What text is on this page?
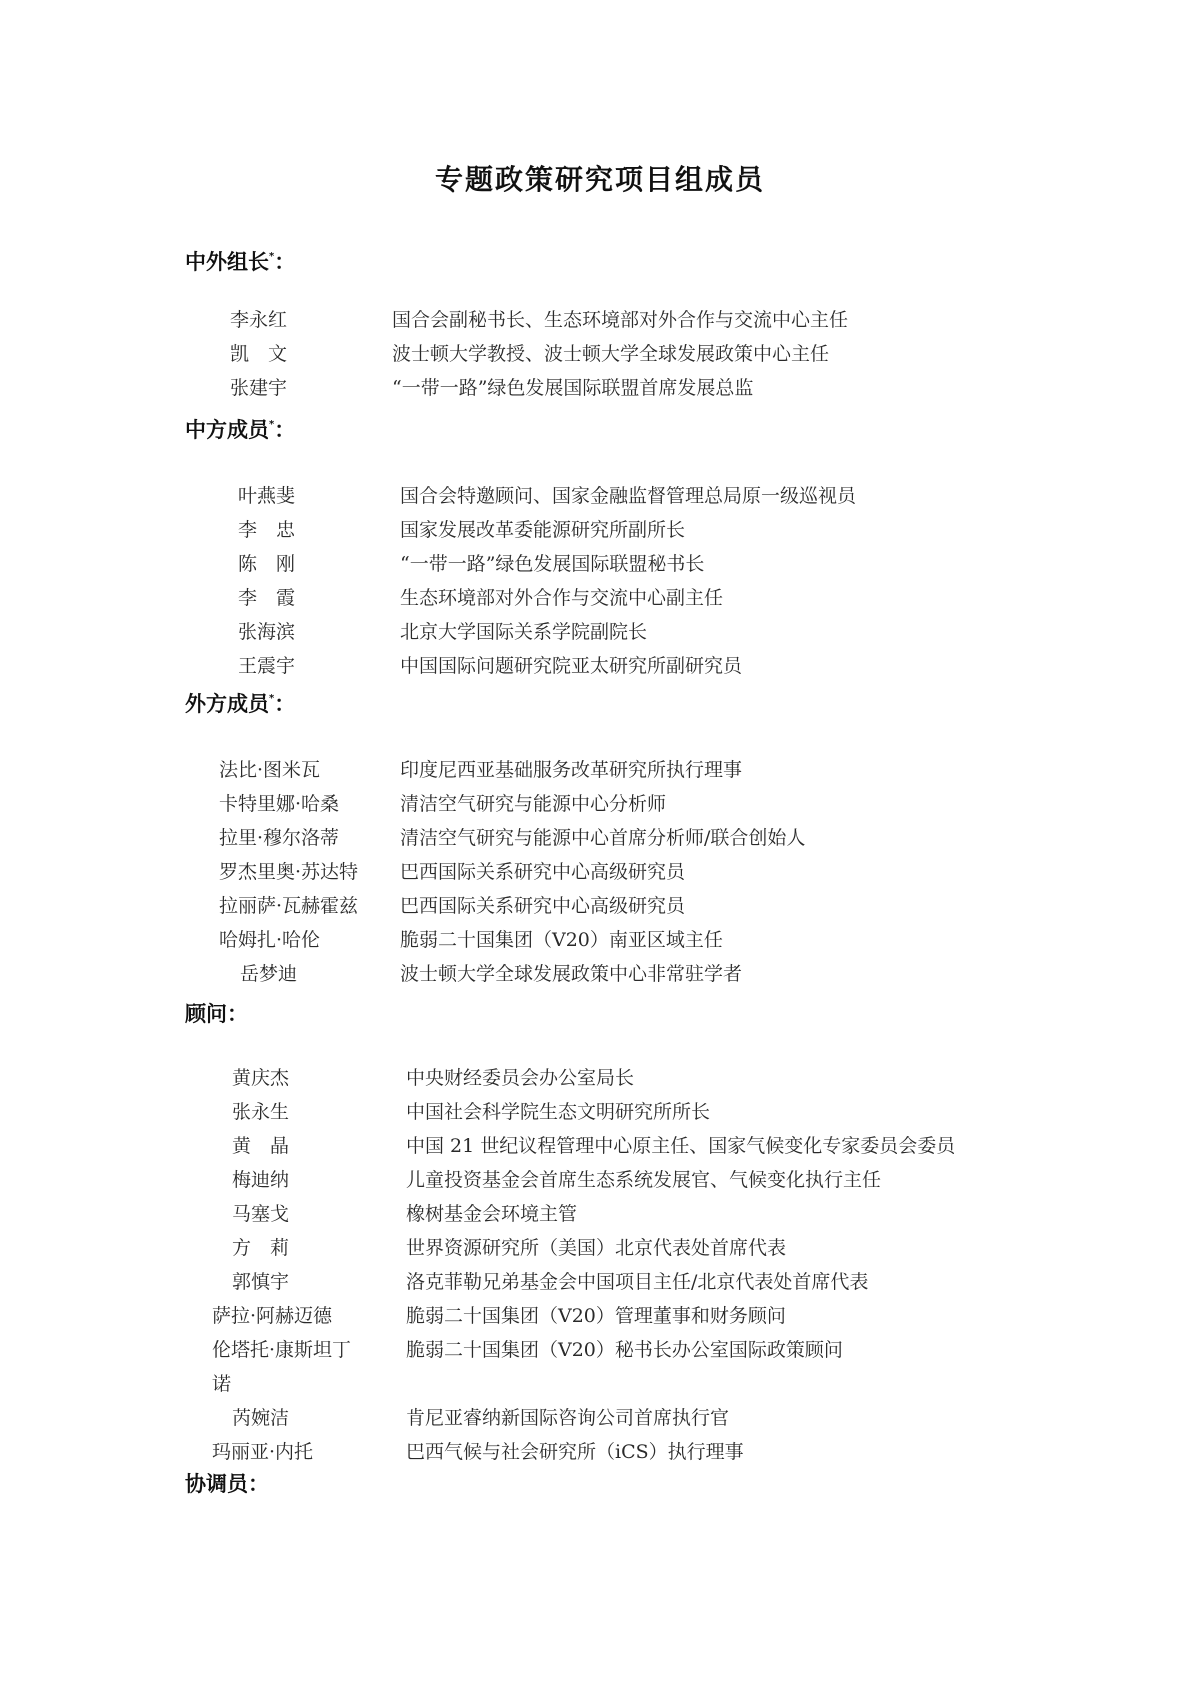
专题政策研究项目组成员
中外组长*：
李永红	国合会副秘书长、生态环境部对外合作与交流中心主任
凯　文	波士顿大学教授、波士顿大学全球发展政策中心主任
张建宇	“一带一路”绿色发展国际联盟首席发展总监
中方成员*：
叶燕斐	国合会特邀顾问、国家金融监督管理总局原一级巡视员
李　忠	国家发展改革委能源研究所副所长
陈　刚	“一带一路”绿色发展国际联盟秘书长
李　霞	生态环境部对外合作与交流中心副主任
张海滨	北京大学国际关系学院副院长
王震宇	中国国际问题研究院亚太研究所副研究员
外方成员*：
法比·图米瓦	印度尼西亚基础服务改革研究所执行理事
卡特里娜·哈桑	清洁空气研究与能源中心分析师
拉里·穆尔洛蒂	清洁空气研究与能源中心首席分析师/联合创始人
罗杰里奥·苏达特 巴西国际关系研究中心高级研究员
拉丽萨·瓦赫霍兹 巴西国际关系研究中心高级研究员
哈姆扎·哈伦	脆弱二十国集团（V20）南亚区域主任
岳梦迪	波士顿大学全球发展政策中心非常驻学者
顾问：
黄庆杰	中央财经委员会办公室局长
张永生	中国社会科学院生态文明研究所所长
黄　晶	中国 21 世纪议程管理中心原主任、国家气候变化专家委员会委员
梅迪纳	儿童投资基金会首席生态系统发展官、气候变化执行主任
马塞戈	橡树基金会环境主管
方　莉	世界资源研究所（美国）北京代表处首席代表
郭慎宇	洛克菲勒兄弟基金会中国项目主任/北京代表处首席代表
萨拉·阿赫迈德	脆弱二十国集团（V20）管理董事和财务顾问
伦塔托·康斯坦丁	脆弱二十国集团（V20）秘书长办公室国际政策顾问
诺
芮婉洁	肯尼亚睿纳新国际咨询公司首席执行官
玛丽亚·内托	巴西气候与社会研究所（iCS）执行理事
协调员：
